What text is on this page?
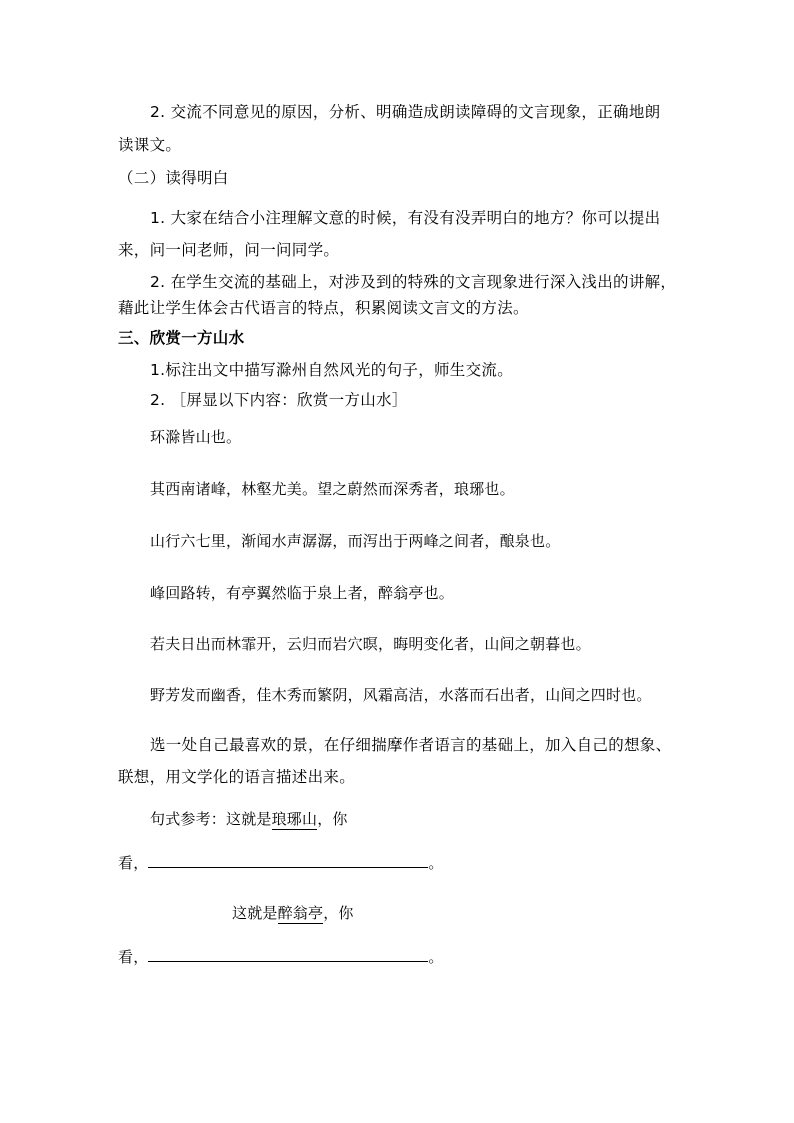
2. 交流不同意见的原因，分析、明确造成朗读障碍的文言现象，正确地朗

读课文。

（二）读得明白

1. 大家在结合小注理解文意的时候，有没有没弄明白的地方？你可以提出

来，问一问老师，问一问同学。

2. 在学生交流的基础上，对涉及到的特殊的文言现象进行深入浅出的讲解，

藉此让学生体会古代语言的特点，积累阅读文言文的方法。

三、欣赏一方山水

1.标注出文中描写滁州自然风光的句子，师生交流。

2. ［屏显以下内容：欣赏一方山水］

环滁皆山也。

其西南诸峰，林壑尤美。望之蔚然而深秀者，琅琊也。

山行六七里，渐闻水声潺潺，而泻出于两峰之间者，酿泉也。

峰回路转，有亭翼然临于泉上者，醉翁亭也。

若夫日出而林霏开，云归而岩穴暝，晦明变化者，山间之朝暮也。

野芳发而幽香，佳木秀而繁阴，风霜高洁，水落而石出者，山间之四时也。

选一处自己最喜欢的景，在仔细揣摩作者语言的基础上，加入自己的想象、

联想，用文学化的语言描述出来。

句式参考：这就是琅琊山，你

看，	。

这就是醉翁亭，你

看，	。
